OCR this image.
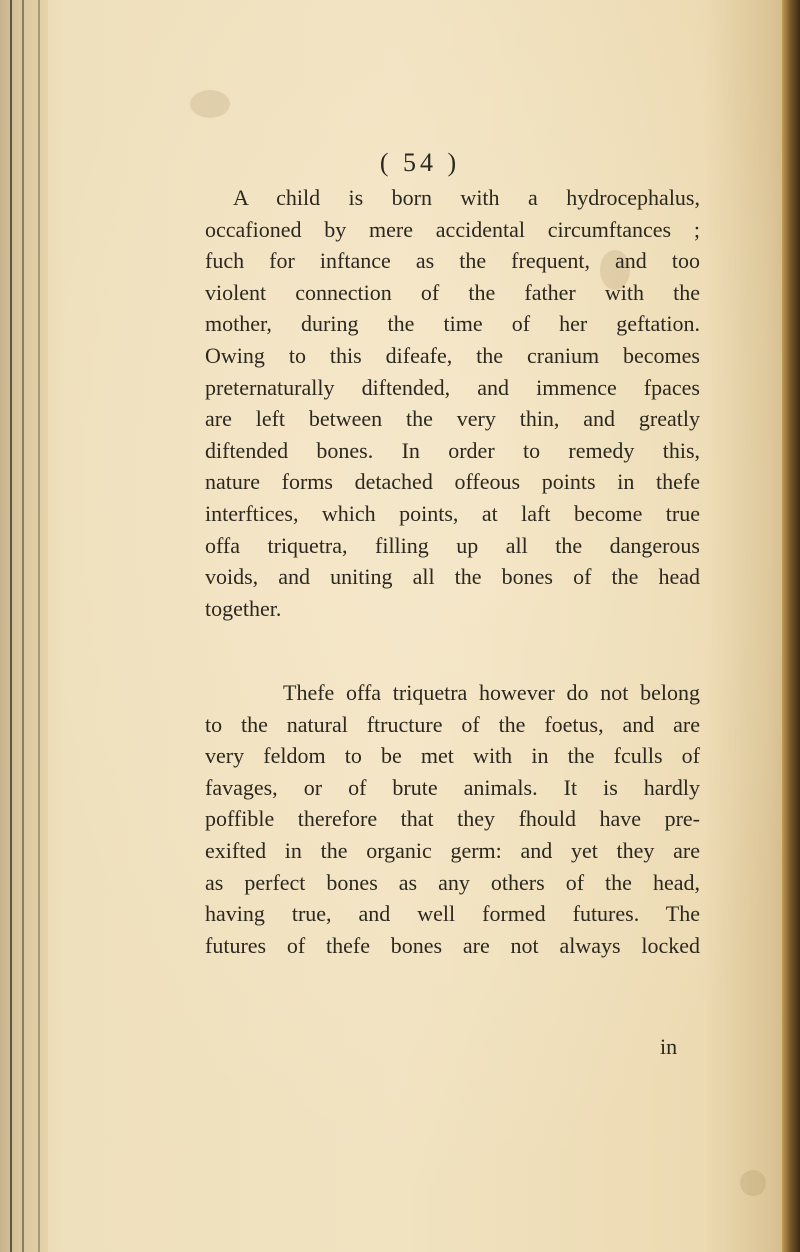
( 54 )
A child is born with a hydrocephalus,
occafioned by mere accidental circumftances ;
fuch for inftance as the frequent, and too
violent connection of the father with the
mother, during the time of her geftation.
Owing to this difeafe, the cranium becomes
preternaturally diftended, and immence fpaces
are left between the very thin, and greatly
diftended bones. In order to remedy this,
nature forms detached offeous points in thefe
interftices, which points, at laft become true
offa triquetra, filling up all the dangerous
voids, and uniting all the bones of the head
together.
Thefe offa triquetra however do not belong
to the natural ftructure of the foetus, and are
very feldom to be met with in the fculls of
favages, or of brute animals. It is hardly
poffible therefore that they fhould have pre-
exifted in the organic germ: and yet they are
as perfect bones as any others of the head,
having true, and well formed futures. The
futures of thefe bones are not always locked
in
